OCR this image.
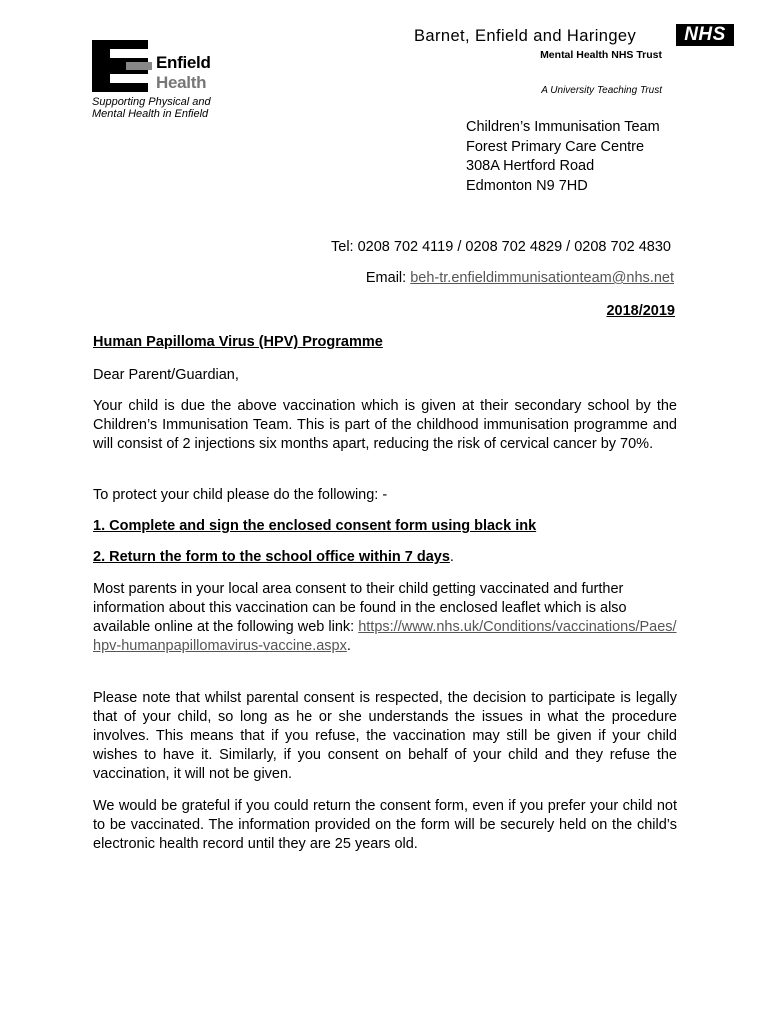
Enfield
Health
Supporting Physical and Mental Health in Enfield
Barnet, Enfield and Haringey	NHS
Mental Health NHS Trust
A University Teaching Trust
Children’s Immunisation Team
Forest Primary Care Centre
308A Hertford Road
Edmonton N9 7HD
Tel: 0208 702 4119 / 0208 702 4829 / 0208 702 4830
Email: beh-tr.enfieldimmunisationteam@nhs.net
2018/2019
Human Papilloma Virus (HPV) Programme
Dear Parent/Guardian,
Your child is due the above vaccination which is given at their secondary school by the Children’s Immunisation Team. This is part of the childhood immunisation programme and will consist of 2 injections six months apart, reducing the risk of cervical cancer by 70%.
To protect your child please do the following: -
1. Complete and sign the enclosed consent form using black ink
2. Return the form to the school office within 7 days.
Most parents in your local area consent to their child getting vaccinated and further information about this vaccination can be found in the enclosed leaflet which is also available online at the following web link: https://www.nhs.uk/Conditions/vaccinations/Paes/hpv-humanpapillomavirus-vaccine.aspx.
Please note that whilst parental consent is respected, the decision to participate is legally that of your child, so long as he or she understands the issues in what the procedure involves. This means that if you refuse, the vaccination may still be given if your child wishes to have it. Similarly, if you consent on behalf of your child and they refuse the vaccination, it will not be given.
We would be grateful if you could return the consent form, even if you prefer your child not to be vaccinated. The information provided on the form will be securely held on the child’s electronic health record until they are 25 years old.
